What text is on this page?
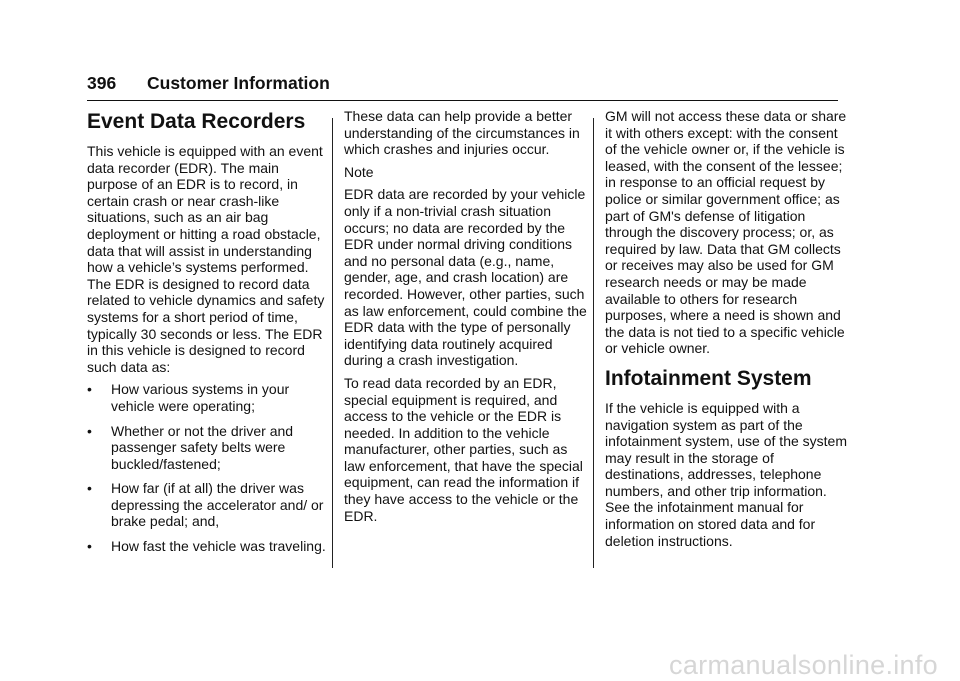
396 Customer Information
Event Data Recorders

This vehicle is equipped with an event data recorder (EDR). The main purpose of an EDR is to record, in certain crash or near crash-like situations, such as an air bag deployment or hitting a road obstacle, data that will assist in understanding how a vehicle’s systems performed. The EDR is designed to record data related to vehicle dynamics and safety systems for a short period of time, typically 30 seconds or less. The EDR in this vehicle is designed to record such data as:

• How various systems in your vehicle were operating;
• Whether or not the driver and passenger safety belts were buckled/fastened;
• How far (if at all) the driver was depressing the accelerator and/ or brake pedal; and,
• How fast the vehicle was traveling.

These data can help provide a better understanding of the circumstances in which crashes and injuries occur.

Note

EDR data are recorded by your vehicle only if a non-trivial crash situation occurs; no data are recorded by the EDR under normal driving conditions and no personal data (e.g., name, gender, age, and crash location) are recorded. However, other parties, such as law enforcement, could combine the EDR data with the type of personally identifying data routinely acquired during a crash investigation.

To read data recorded by an EDR, special equipment is required, and access to the vehicle or the EDR is needed. In addition to the vehicle manufacturer, other parties, such as law enforcement, that have the special equipment, can read the information if they have access to the vehicle or the EDR.

GM will not access these data or share it with others except: with the consent of the vehicle owner or, if the vehicle is leased, with the consent of the lessee; in response to an official request by police or similar government office; as part of GM's defense of litigation through the discovery process; or, as required by law. Data that GM collects or receives may also be used for GM research needs or may be made available to others for research purposes, where a need is shown and the data is not tied to a specific vehicle or vehicle owner.

Infotainment System

If the vehicle is equipped with a navigation system as part of the infotainment system, use of the system may result in the storage of destinations, addresses, telephone numbers, and other trip information. See the infotainment manual for information on stored data and for deletion instructions.

carmanualsonline.info
